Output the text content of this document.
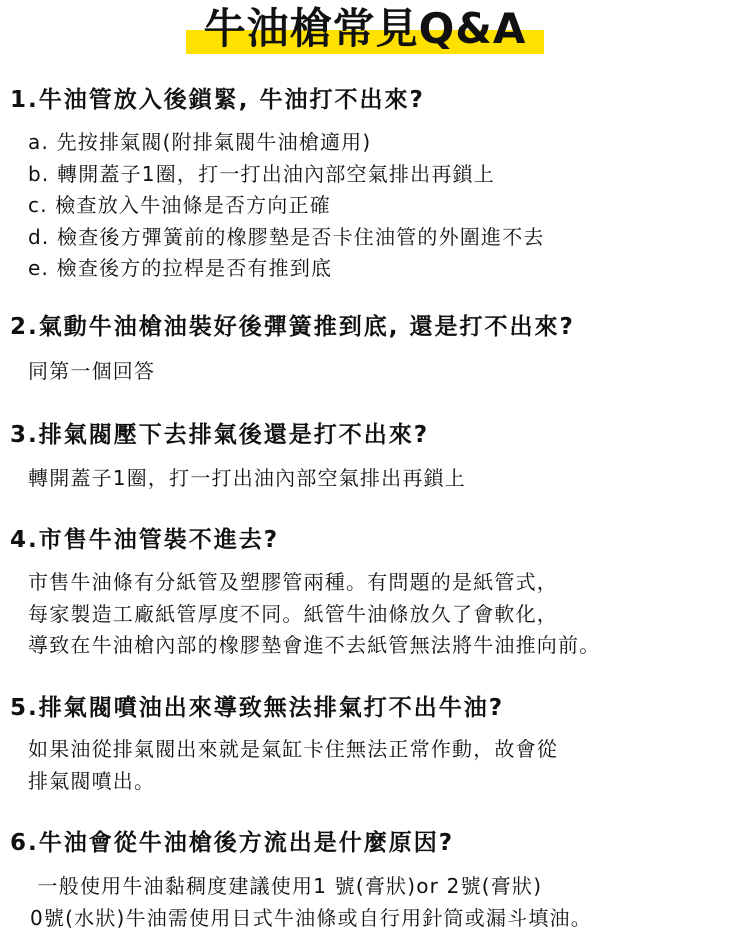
牛油槍常見Q&A
1.牛油管放入後鎖緊, 牛油打不出來?
a. 先按排氣閥(附排氣閥牛油槍適用)
b. 轉開蓋子1圈，打一打出油內部空氣排出再鎖上
c. 檢查放入牛油條是否方向正確
d. 檢查後方彈簧前的橡膠墊是否卡住油管的外圍進不去
e. 檢查後方的拉桿是否有推到底
2.氣動牛油槍油裝好後彈簧推到底, 還是打不出來?
同第一個回答
3.排氣閥壓下去排氣後還是打不出來?
轉開蓋子1圈，打一打出油內部空氣排出再鎖上
4.市售牛油管裝不進去?
市售牛油條有分紙管及塑膠管兩種。有問題的是紙管式，
每家製造工廠紙管厚度不同。紙管牛油條放久了會軟化，
導致在牛油槍內部的橡膠墊會進不去紙管無法將牛油推向前。
5.排氣閥噴油出來導致無法排氣打不出牛油?
如果油從排氣閥出來就是氣缸卡住無法正常作動，故會從
排氣閥噴出。
6.牛油會從牛油槍後方流出是什麼原因?
一般使用牛油黏稠度建議使用1 號(膏狀)or 2號(膏狀)
0號(水狀)牛油需使用日式牛油條或自行用針筒或漏斗填油。
